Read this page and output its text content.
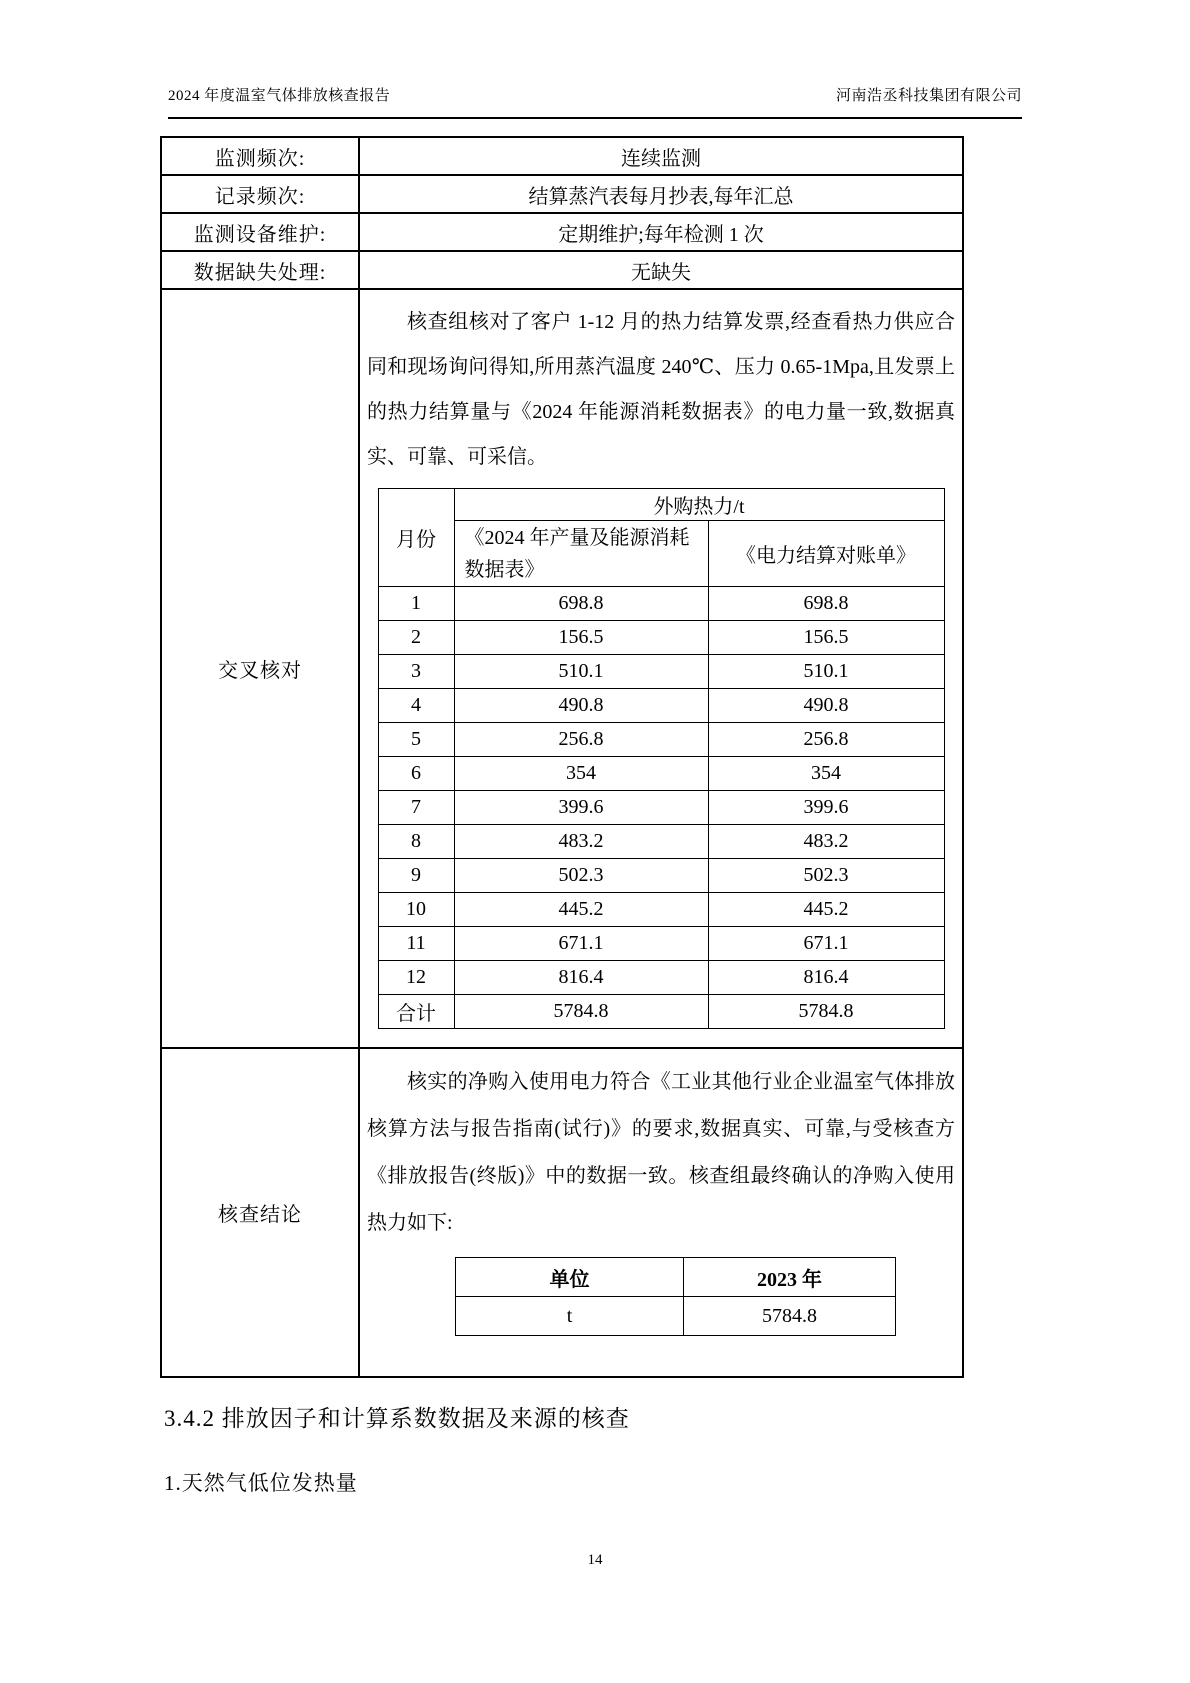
2024 年度温室气体排放核查报告	河南浩丞科技集团有限公司
监测频次:	连续监测
记录频次:	结算蒸汽表每月抄表,每年汇总
监测设备维护:	定期维护;每年检测 1 次
数据缺失处理:	无缺失
交叉核对	

核查组核对了客户 1-12 月的热力结算发票,经查看热力供应合同和现场询问得知,所用蒸汽温度 240℃、压力 0.65-1Mpa,且发票上的热力结算量与《2024 年能源消耗数据表》的电力量一致,数据真实、可靠、可采信。

月份	外购热力/t
《2024 年产量及能源消耗数据表》	《电力结算对账单》
1	698.8	698.8
2	156.5	156.5
3	510.1	510.1
4	490.8	490.8
5	256.8	256.8
6	354	354
7	399.6	399.6
8	483.2	483.2
9	502.3	502.3
10	445.2	445.2
11	671.1	671.1
12	816.4	816.4
合计	5784.8	5784.8

核查结论	

核实的净购入使用电力符合《工业其他行业企业温室气体排放核算方法与报告指南(试行)》的要求,数据真实、可靠,与受核查方《排放报告(终版)》中的数据一致。核查组最终确认的净购入使用热力如下:

单位	2023 年
t	5784.8
3.4.2 排放因子和计算系数数据及来源的核查

1.天然气低位发热量

14
